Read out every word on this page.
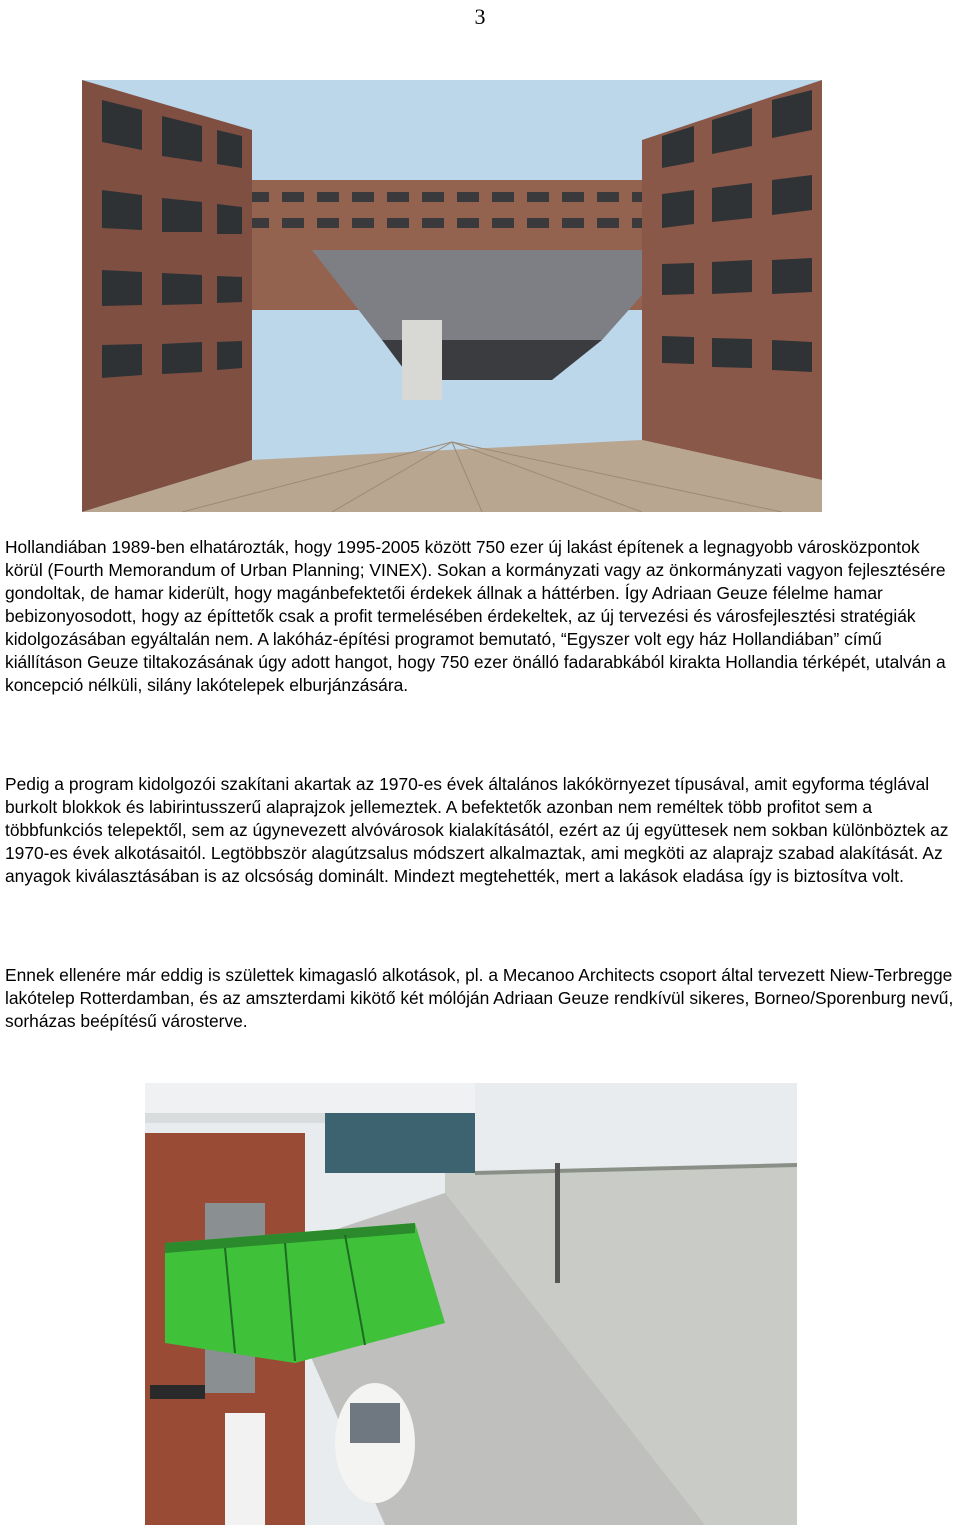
3

Hollandiában 1989-ben elhatározták, hogy 1995-2005 között 750 ezer új lakást építenek a legnagyobb városközpontok körül (Fourth Memorandum of Urban Planning; VINEX). Sokan a kormányzati vagy az önkormányzati vagyon fejlesztésére gondoltak, de hamar kiderült, hogy magánbefektetői érdekek állnak a háttérben. Így Adriaan Geuze félelme hamar bebizonyosodott, hogy az építtetők csak a profit termelésében érdekeltek, az új tervezési és városfejlesztési stratégiák kidolgozásában egyáltalán nem. A lakóház-építési programot bemutató, “Egyszer volt egy ház Hollandiában” című kiállításon Geuze tiltakozásának úgy adott hangot, hogy 750 ezer önálló fadarabkából kirakta Hollandia térképét, utalván a koncepció nélküli, silány lakótelepek elburjánzására.

Pedig a program kidolgozói szakítani akartak az 1970-es évek általános lakókörnyezet típusával, amit egyforma téglával burkolt blokkok és labirintusszerű alaprajzok jellemeztek. A befektetők azonban nem reméltek több profitot sem a többfunkciós telepektől, sem az úgynevezett alvóvárosok kialakításától, ezért az új együttesek nem sokban különböztek az 1970-es évek alkotásaitól. Legtöbbször alagútzsalus módszert alkalmaztak, ami megköti az alaprajz szabad alakítását. Az anyagok kiválasztásában is az olcsóság dominált. Mindezt megtehették, mert a lakások eladása így is biztosítva volt.

Ennek ellenére már eddig is születtek kimagasló alkotások, pl. a Mecanoo Architects csoport által tervezett Niew-Terbregge lakótelep Rotterdamban, és az amszterdami kikötő két mólóján Adriaan Geuze rendkívül sikeres, Borneo/Sporenburg nevű, sorházas beépítésű városterve.
